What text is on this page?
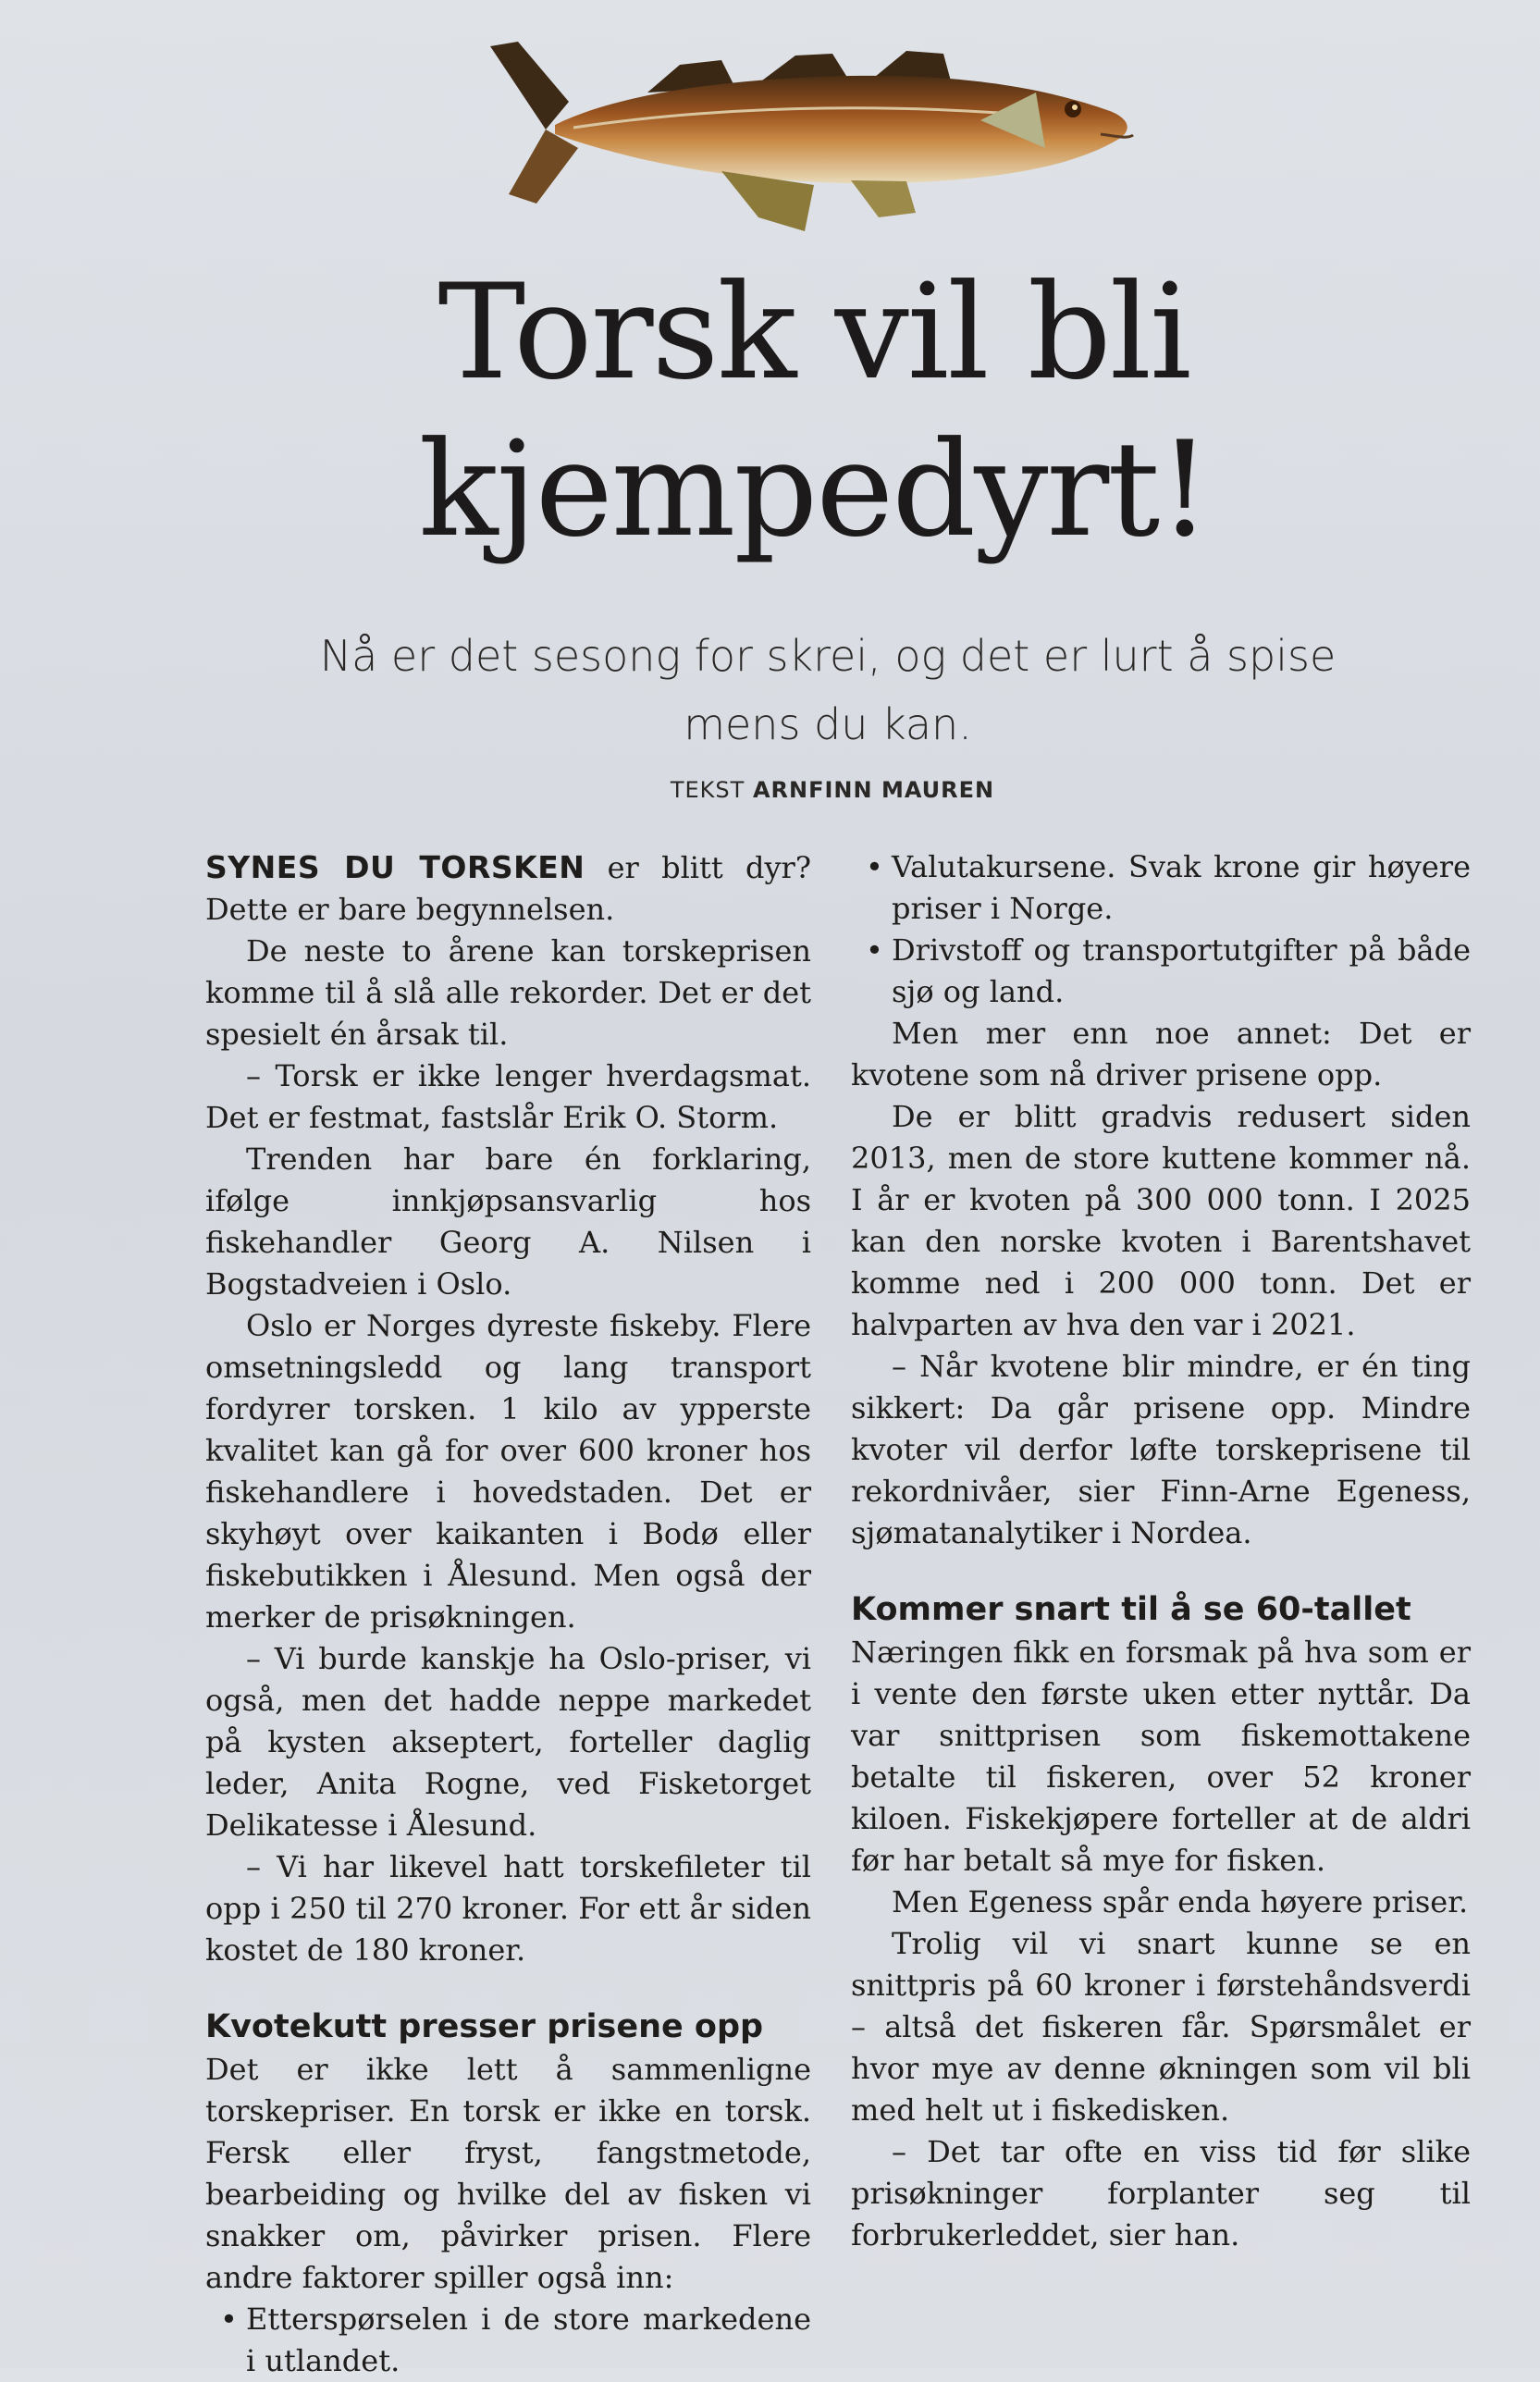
Torsk vil bli kjempedyrt!

Nå er det sesong for skrei, og det er lurt å spise mens du kan.

TEKST ARNFINN MAUREN

SYNES DU TORSKEN er blitt dyr? Dette er bare begynnelsen.

De neste to årene kan torskeprisen komme til å slå alle rekorder. Det er det spesielt én årsak til.

– Torsk er ikke lenger hverdagsmat. Det er festmat, fastslår Erik O. Storm.

Trenden har bare én forklaring, ifølge innkjøpsansvarlig hos fiskehandler Georg A. Nilsen i Bogstadveien i Oslo.

Oslo er Norges dyreste fiskeby. Flere omsetningsledd og lang transport fordyrer torsken. 1 kilo av ypperste kvalitet kan gå for over 600 kroner hos fiskehandlere i hovedstaden. Det er skyhøyt over kaikanten i Bodø eller fiskebutikken i Ålesund. Men også der merker de prisøkningen.

– Vi burde kanskje ha Oslo-priser, vi også, men det hadde neppe markedet på kysten akseptert, forteller daglig leder, Anita Rogne, ved Fisketorget Delikatesse i Ålesund.

– Vi har likevel hatt torskefileter til opp i 250 til 270 kroner. For ett år siden kostet de 180 kroner.

Kvotekutt presser prisene opp

Det er ikke lett å sammenligne torskepriser. En torsk er ikke en torsk. Fersk eller fryst, fangstmetode, bearbeiding og hvilke del av fisken vi snakker om, påvirker prisen. Flere andre faktorer spiller også inn:

• Etterspørselen i de store markedene i utlandet.
• Valutakursene. Svak krone gir høyere priser i Norge.
• Drivstoff og transportutgifter på både sjø og land.

Men mer enn noe annet: Det er kvotene som nå driver prisene opp.

De er blitt gradvis redusert siden 2013, men de store kuttene kommer nå. I år er kvoten på 300 000 tonn. I 2025 kan den norske kvoten i Barentshavet komme ned i 200 000 tonn. Det er halvparten av hva den var i 2021.

– Når kvotene blir mindre, er én ting sikkert: Da går prisene opp. Mindre kvoter vil derfor løfte torskeprisene til rekordnivåer, sier Finn-Arne Egeness, sjømatanalytiker i Nordea.

Kommer snart til å se 60-tallet

Næringen fikk en forsmak på hva som er i vente den første uken etter nyttår. Da var snittprisen som fiskemottakene betalte til fiskeren, over 52 kroner kiloen. Fiskekjøpere forteller at de aldri før har betalt så mye for fisken.

Men Egeness spår enda høyere priser.

Trolig vil vi snart kunne se en snittpris på 60 kroner i førstehåndsverdi – altså det fiskeren får. Spørsmålet er hvor mye av denne økningen som vil bli med helt ut i fiskedisken.

– Det tar ofte en viss tid før slike prisøkninger forplanter seg til forbrukerleddet, sier han.
